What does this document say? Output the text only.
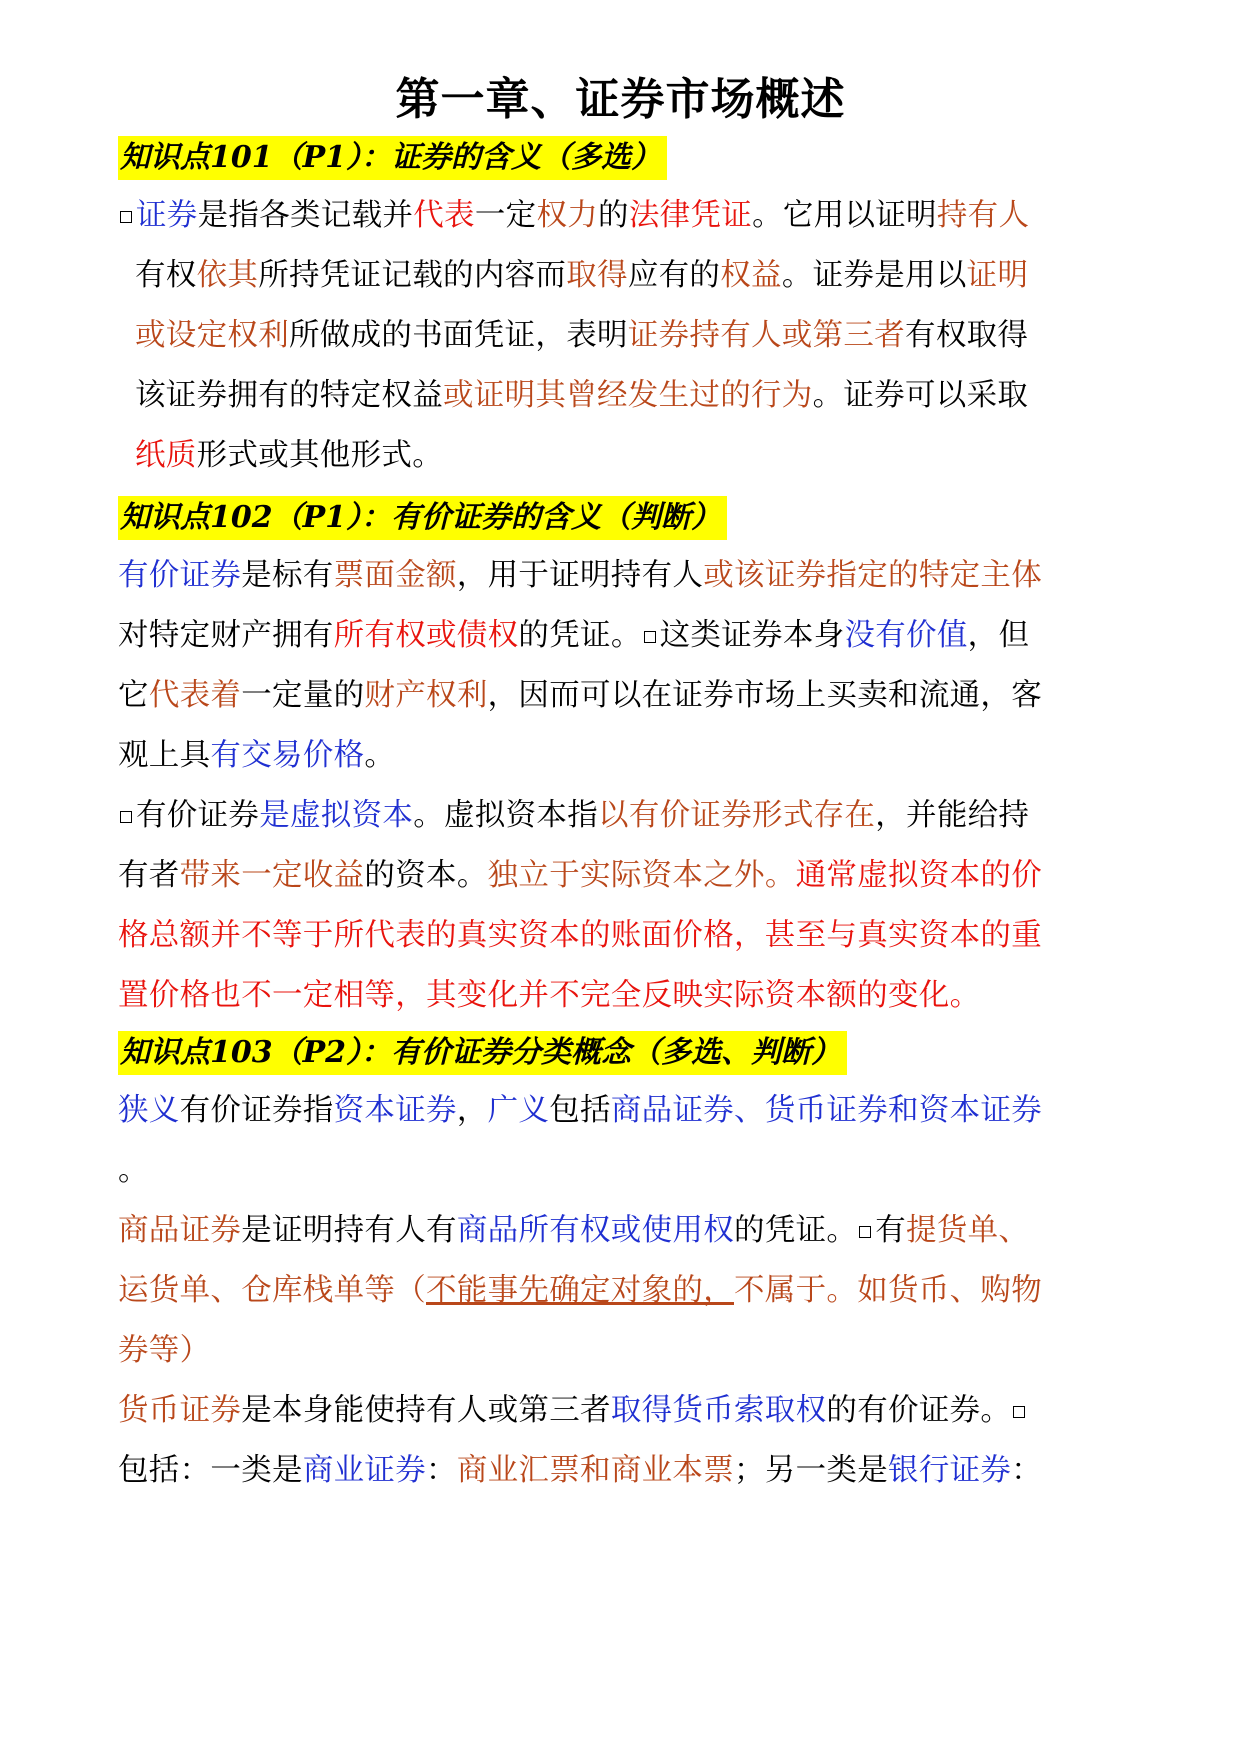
第一章、证券市场概述
知识点101（P1）：证券的含义（多选）
证券是指各类记载并代表一定权力的法律凭证。它用以证明持有人
有权依其所持凭证记载的内容而取得应有的权益。证券是用以证明
或设定权利所做成的书面凭证，表明证券持有人或第三者有权取得
该证券拥有的特定权益或证明其曾经发生过的行为。证券可以采取
纸质形式或其他形式。
知识点102（P1）：有价证券的含义（判断）
有价证券是标有票面金额，用于证明持有人或该证券指定的特定主体
对特定财产拥有所有权或债权的凭证。 这类证券本身没有价值，但
它代表着一定量的财产权利，因而可以在证券市场上买卖和流通，客
观上具有交易价格。
有价证券是虚拟资本。虚拟资本指以有价证券形式存在，并能给持
有者带来一定收益的资本。独立于实际资本之外。通常虚拟资本的价
格总额并不等于所代表的真实资本的账面价格，甚至与真实资本的重
置价格也不一定相等，其变化并不完全反映实际资本额的变化。
知识点103（P2）：有价证券分类概念（多选、判断）
狭义有价证券指资本证券，广义包括商品证券、货币证券和资本证券
。
商品证券是证明持有人有商品所有权或使用权的凭证。 有提货单、
运货单、仓库栈单等（不能事先确定对象的，不属于。如货币、购物
券等）
货币证券是本身能使持有人或第三者取得货币索取权的有价证券。
包括：一类是商业证券：商业汇票和商业本票；另一类是银行证券：
